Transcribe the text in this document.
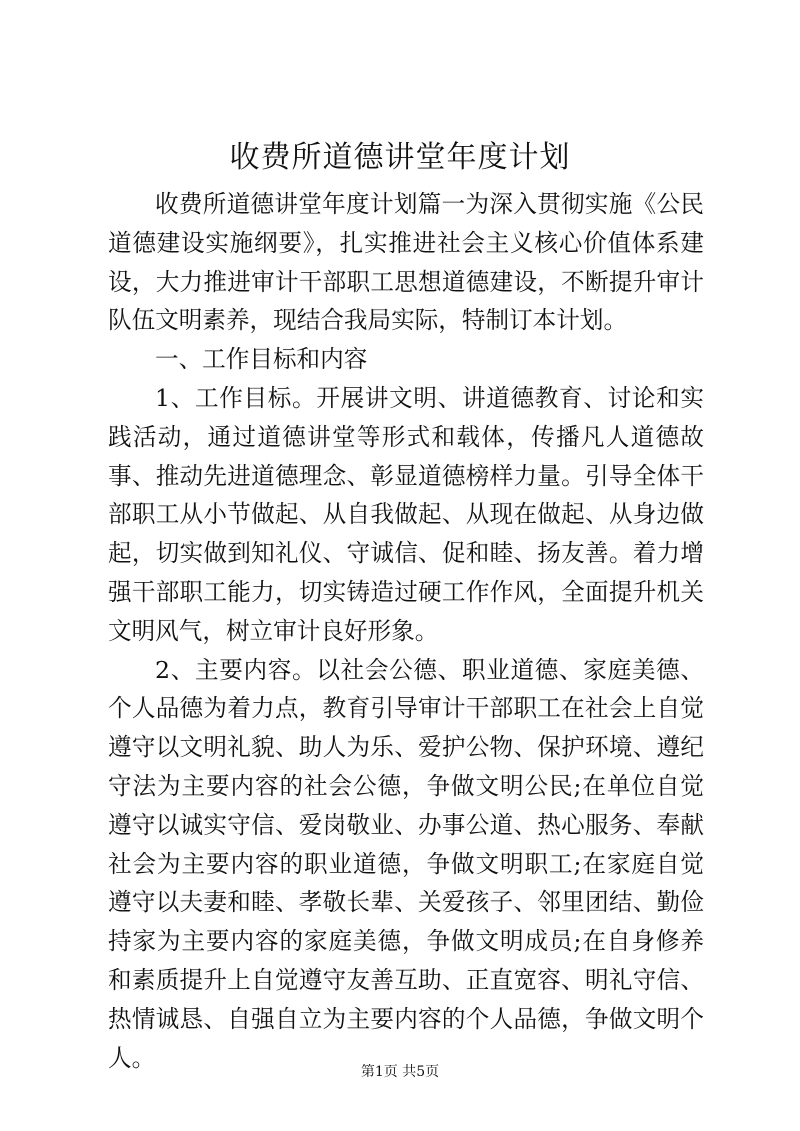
收费所道德讲堂年度计划

收费所道德讲堂年度计划篇一为深入贯彻实施《公民道德建设实施纲要》，扎实推进社会主义核心价值体系建设，大力推进审计干部职工思想道德建设，不断提升审计队伍文明素养，现结合我局实际，特制订本计划。

一、工作目标和内容

1、工作目标。开展讲文明、讲道德教育、讨论和实践活动，通过道德讲堂等形式和载体，传播凡人道德故事、推动先进道德理念、彰显道德榜样力量。引导全体干部职工从小节做起、从自我做起、从现在做起、从身边做起，切实做到知礼仪、守诚信、促和睦、扬友善。着力增强干部职工能力，切实铸造过硬工作作风，全面提升机关文明风气，树立审计良好形象。

2、主要内容。以社会公德、职业道德、家庭美德、个人品德为着力点，教育引导审计干部职工在社会上自觉遵守以文明礼貌、助人为乐、爱护公物、保护环境、遵纪守法为主要内容的社会公德，争做文明公民;在单位自觉遵守以诚实守信、爱岗敬业、办事公道、热心服务、奉献社会为主要内容的职业道德，争做文明职工;在家庭自觉遵守以夫妻和睦、孝敬长辈、关爱孩子、邻里团结、勤俭持家为主要内容的家庭美德，争做文明成员;在自身修养和素质提升上自觉遵守友善互助、正直宽容、明礼守信、热情诚恳、自强自立为主要内容的个人品德，争做文明个人。

第1页 共5页
